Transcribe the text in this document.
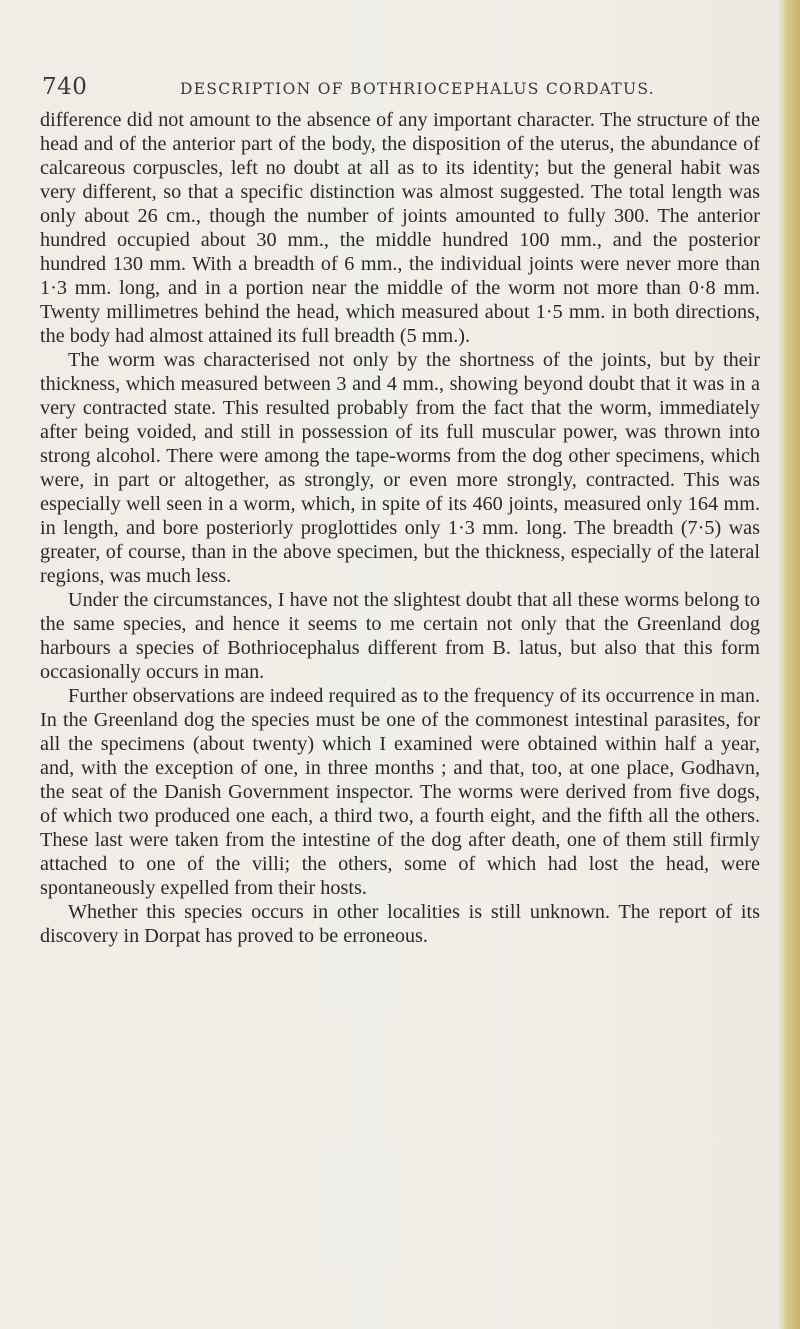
740	DESCRIPTION OF BOTHRIOCEPHALUS CORDATUS.

difference did not amount to the absence of any important character. The structure of the head and of the anterior part of the body, the disposition of the uterus, the abundance of calcareous corpuscles, left no doubt at all as to its identity; but the general habit was very different, so that a specific distinction was almost suggested. The total length was only about 26 cm., though the number of joints amounted to fully 300. The anterior hundred occupied about 30 mm., the middle hundred 100 mm., and the posterior hundred 130 mm. With a breadth of 6 mm., the individual joints were never more than 1·3 mm. long, and in a portion near the middle of the worm not more than 0·8 mm. Twenty millimetres behind the head, which measured about 1·5 mm. in both directions, the body had almost attained its full breadth (5 mm.).

The worm was characterised not only by the shortness of the joints, but by their thickness, which measured between 3 and 4 mm., showing beyond doubt that it was in a very contracted state. This resulted probably from the fact that the worm, immediately after being voided, and still in possession of its full muscular power, was thrown into strong alcohol. There were among the tape-worms from the dog other specimens, which were, in part or altogether, as strongly, or even more strongly, contracted. This was especially well seen in a worm, which, in spite of its 460 joints, measured only 164 mm. in length, and bore posteriorly proglottides only 1·3 mm. long. The breadth (7·5) was greater, of course, than in the above specimen, but the thickness, especially of the lateral regions, was much less.

Under the circumstances, I have not the slightest doubt that all these worms belong to the same species, and hence it seems to me certain not only that the Greenland dog harbours a species of Bothriocephalus different from B. latus, but also that this form occasionally occurs in man.

Further observations are indeed required as to the frequency of its occurrence in man. In the Greenland dog the species must be one of the commonest intestinal parasites, for all the specimens (about twenty) which I examined were obtained within half a year, and, with the exception of one, in three months ; and that, too, at one place, Godhavn, the seat of the Danish Government inspector. The worms were derived from five dogs, of which two produced one each, a third two, a fourth eight, and the fifth all the others. These last were taken from the intestine of the dog after death, one of them still firmly attached to one of the villi; the others, some of which had lost the head, were spontaneously expelled from their hosts.

Whether this species occurs in other localities is still unknown. The report of its discovery in Dorpat has proved to be erroneous.
